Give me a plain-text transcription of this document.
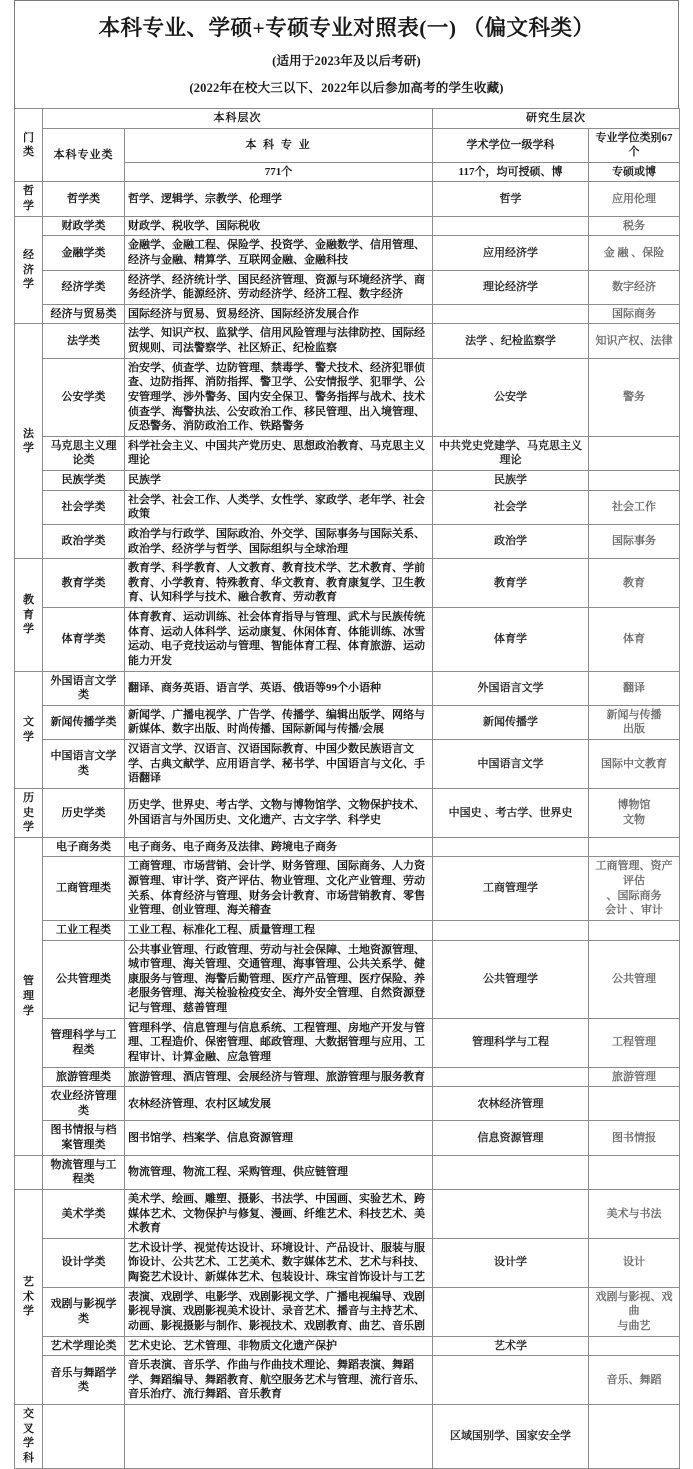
本科专业、学硕+专硕专业对照表(一) （偏文科类）
(适用于2023年及以后考研)
(2022年在校大三以下、2022年以后参加高考的学生收藏)
门
类	本科层次		研究生层次	
	本科专业类	本 科 专 业	学术学位一级学科	专业学位类别67个
		771个	117个，均可授硕、博	专硕或博

哲
学	哲学类	哲学、逻辑学、宗教学、伦理学	哲学	应用伦理

经
济
学	财政学类	财政学、税收学、国际税收		税务
	金融学类	金融学、金融工程、保险学、投资学、金融数学、信用管理、经济与金融、精算学、互联网金融、金融科技	应用经济学	金 融 、保险
	经济学类	经济学、经济统计学、国民经济管理、资源与环境经济学、商务经济学、能源经济、劳动经济学、经济工程、数字经济	理论经济学	数字经济
	经济与贸易类	国际经济与贸易、贸易经济、国际经济发展合作		国际商务

法
学	法学类	法学、知识产权、监狱学、信用风险管理与法律防控、国际经贸规则、司法警察学、社区矫正、纪检监察	法学 、纪检监察学	知识产权、法律
	公安学类	治安学、侦查学、边防管理、禁毒学、警犬技术、经济犯罪侦查、边防指挥、消防指挥、警卫学、公安情报学、犯罪学、公安管理学、涉外警务、国内安全保卫、警务指挥与战术、技术侦查学、海警执法、公安政治工作、移民管理、出入境管理、反恐警务、消防政治工作、铁路警务	公安学	警务
	马克思主义理论类	科学社会主义、中国共产党历史、思想政治教育、马克思主义理论	中共党史党建学、马克思主义理论	
	民族学类	民族学	民族学	
	社会学类	社会学、社会工作、人类学、女性学、家政学、老年学、社会政策	社会学	社会工作
	政治学类	政治学与行政学、国际政治、外交学、国际事务与国际关系、政治学、经济学与哲学、国际组织与全球治理	政治学	国际事务

教
育
学	教育学类	教育学、科学教育、人文教育、教育技术学、艺术教育、学前教育、小学教育、特殊教育、华文教育、教育康复学、卫生教育、认知科学与技术、融合教育、劳动教育	教育学	教育
	体育学类	体育教育、运动训练、社会体育指导与管理、武术与民族传统体育、运动人体科学、运动康复、休闲体育、体能训练、冰雪运动、电子竞技运动与管理、智能体育工程、体育旅游、运动能力开发	体育学	体育

文
学	外国语言文学类	翻译、商务英语、语言学、英语、俄语等99个小语种	外国语言文学	翻译
	新闻传播学类	新闻学、广播电视学、广告学、传播学、编辑出版学、网络与新媒体、数字出版、时尚传播、国际新闻与传播/会展	新闻传播学	新闻与传播
出版
	中国语言文学类	汉语言文学、汉语言、汉语国际教育、中国少数民族语言文学、古典文献学、应用语言学、秘书学、中国语言与文化、手语翻译	中国语言文学	国际中文教育

历
史
学	历史学类	历史学、世界史、考古学、文物与博物馆学、文物保护技术、外国语言与外国历史、文化遗产、古文字学、科学史	中国史 、考古学、世界史	博物馆
文物

管
理
学	电子商务类	电子商务、电子商务及法律、跨境电子商务		
	工商管理类	工商管理、市场营销、会计学、财务管理、国际商务、人力资源管理、审计学、资产评估、物业管理、文化产业管理、劳动关系、体育经济与管理、财务会计教育、市场营销教育、零售业管理、创业管理、海关稽查	工商管理学	工商管理、资产评估
、国际商务
会计 、审计
	工业工程类	工业工程、标准化工程、质量管理工程		
	公共管理类	公共事业管理、行政管理、劳动与社会保障、土地资源管理、城市管理、海关管理、交通管理、海事管理、公共关系学、健康服务与管理、海警后勤管理、医疗产品管理、医疗保险、养老服务管理、海关检验检疫安全、海外安全管理、自然资源登记与管理、慈善管理	公共管理学	公共管理
	管理科学与工程类	管理科学、信息管理与信息系统、工程管理、房地产开发与管理、工程造价、保密管理、邮政管理、大数据管理与应用、工程审计、计算金融、应急管理	管理科学与工程	工程管理
	旅游管理类	旅游管理、酒店管理、会展经济与管理、旅游管理与服务教育		旅游管理
	农业经济管理类	农林经济管理、农村区域发展	农林经济管理	
	图书情报与档案管理类	图书馆学、档案学、信息资源管理	信息资源管理	图书情报
	物流管理与工程类	物流管理、物流工程、采购管理、供应链管理		

艺
术
学	美术学类	美术学、绘画、雕塑、摄影、书法学、中国画、实验艺术、跨媒体艺术、文物保护与修复、漫画、纤维艺术、科技艺术、美术教育		美术与书法
	设计学类	艺术设计学、视觉传达设计、环境设计、产品设计、服装与服饰设计、公共艺术、工艺美术、数字媒体艺术、艺术与科技、陶瓷艺术设计、新媒体艺术、包装设计、珠宝首饰设计与工艺	设计学	设计
	戏剧与影视学类	表演、戏剧学、电影学、戏剧影视文学、广播电视编导、戏剧影视导演、戏剧影视美术设计、录音艺术、播音与主持艺术、动画、影视摄影与制作、影视技术、戏剧教育、曲艺、音乐剧		戏剧与影视、戏曲
与曲艺
	艺术学理论类	艺术史论、艺术管理、非物质文化遗产保护	艺术学	
	音乐与舞蹈学类	音乐表演、音乐学、作曲与作曲技术理论、舞蹈表演、舞蹈学、舞蹈编导、舞蹈教育、航空服务艺术与管理、流行音乐、音乐治疗、流行舞蹈、音乐教育		音乐、舞蹈

交
叉
学
科			区域国别学、国家安全学	
